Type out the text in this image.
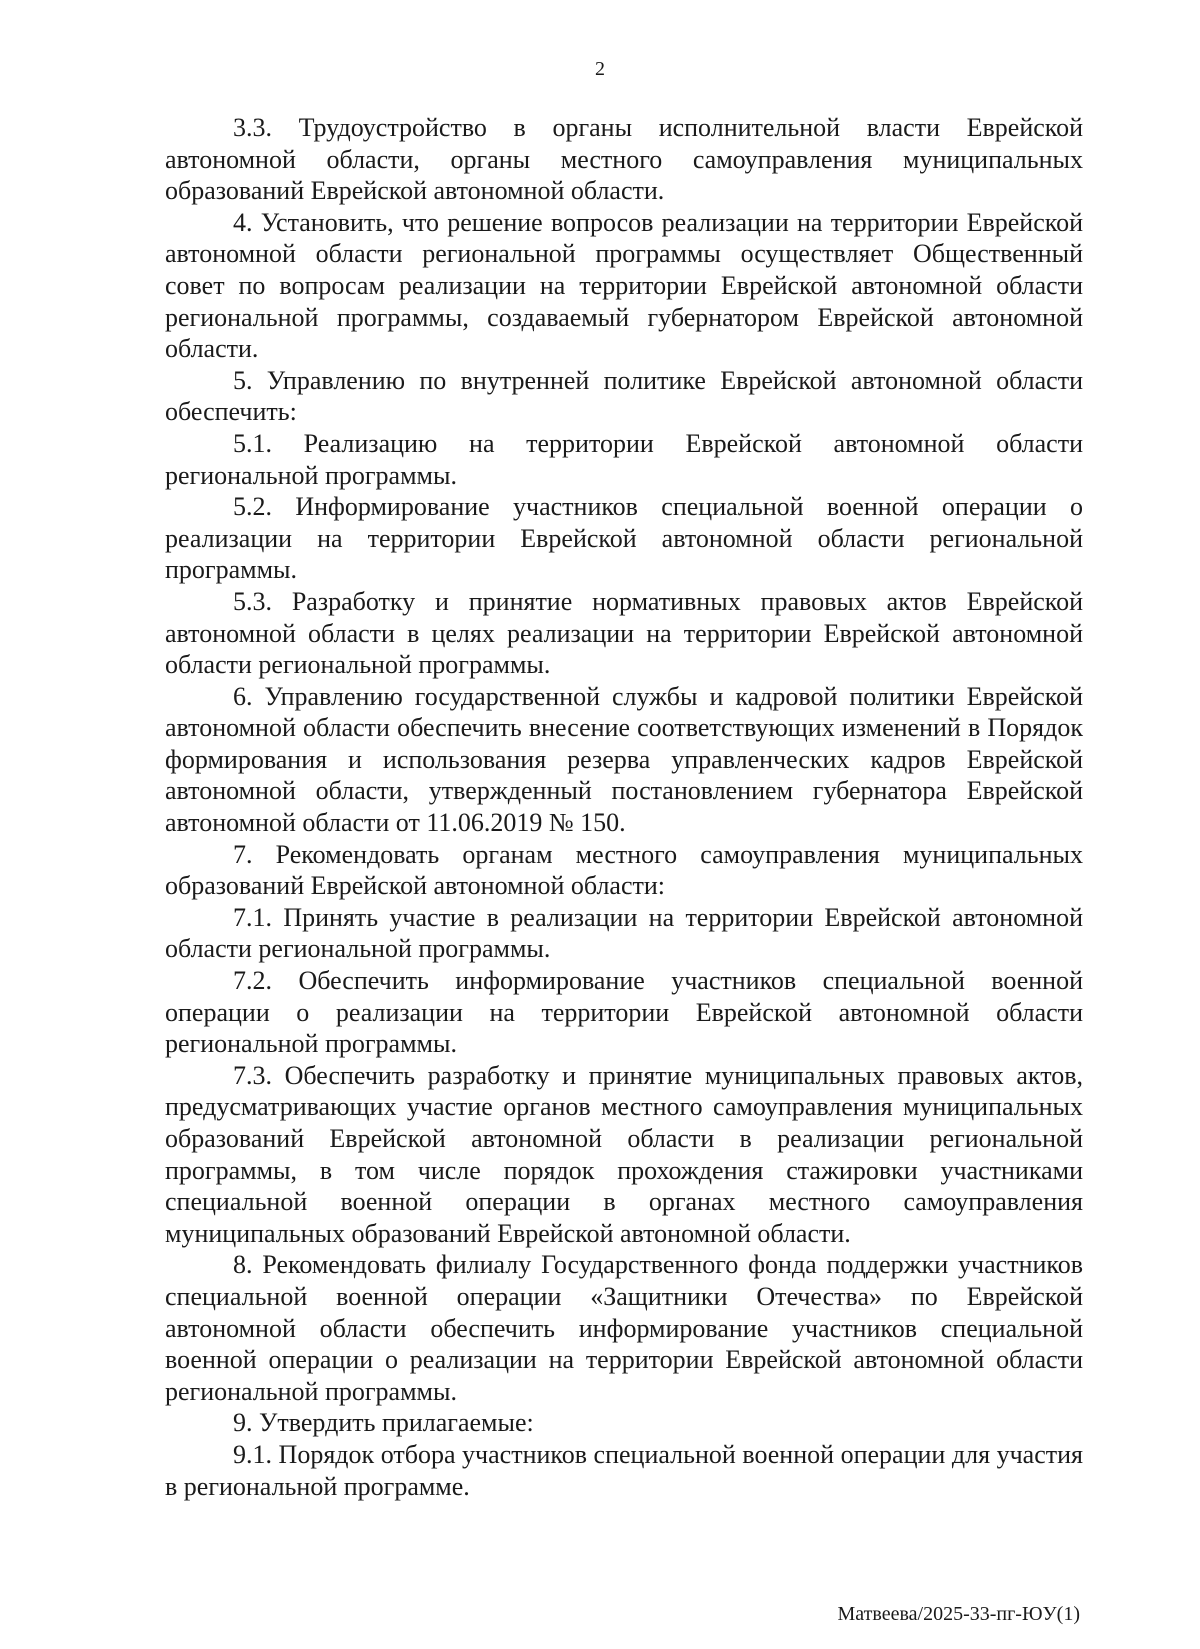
2

3.3. Трудоустройство в органы исполнительной власти Еврейской автономной области, органы местного самоуправления муниципальных образований Еврейской автономной области.

4. Установить, что решение вопросов реализации на территории Еврейской автономной области региональной программы осуществляет Общественный совет по вопросам реализации на территории Еврейской автономной области региональной программы, создаваемый губернатором Еврейской автономной области.

5. Управлению по внутренней политике Еврейской автономной области обеспечить:

5.1. Реализацию на территории Еврейской автономной области региональной программы.

5.2. Информирование участников специальной военной операции о реализации на территории Еврейской автономной области региональной программы.

5.3. Разработку и принятие нормативных правовых актов Еврейской автономной области в целях реализации на территории Еврейской автономной области региональной программы.

6. Управлению государственной службы и кадровой политики Еврейской автономной области обеспечить внесение соответствующих изменений в Порядок формирования и использования резерва управленческих кадров Еврейской автономной области, утвержденный постановлением губернатора Еврейской автономной области от 11.06.2019 № 150.

7. Рекомендовать органам местного самоуправления муниципальных образований Еврейской автономной области:

7.1. Принять участие в реализации на территории Еврейской автономной области региональной программы.

7.2. Обеспечить информирование участников специальной военной операции о реализации на территории Еврейской автономной области региональной программы.

7.3. Обеспечить разработку и принятие муниципальных правовых актов, предусматривающих участие органов местного самоуправления муниципальных образований Еврейской автономной области в реализации региональной программы, в том числе порядок прохождения стажировки участниками специальной военной операции в органах местного самоуправления муниципальных образований Еврейской автономной области.

8. Рекомендовать филиалу Государственного фонда поддержки участников специальной военной операции «Защитники Отечества» по Еврейской автономной области обеспечить информирование участников специальной военной операции о реализации на территории Еврейской автономной области региональной программы.

9. Утвердить прилагаемые:

9.1. Порядок отбора участников специальной военной операции для участия в региональной программе.

Матвеева/2025-33-пг-ЮУ(1)
